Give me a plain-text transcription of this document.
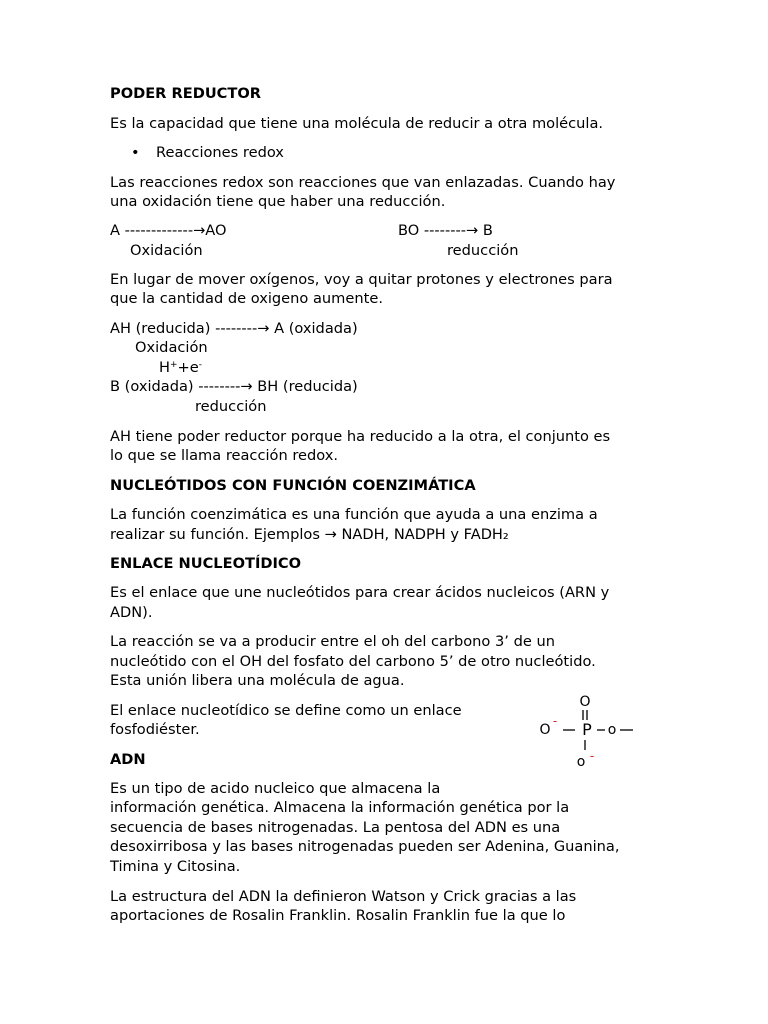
PODER REDUCTOR

Es la capacidad que tiene una molécula de reducir a otra molécula.

• Reacciones redox

Las reacciones redox son reacciones que van enlazadas. Cuando hay

una oxidación tiene que haber una reducción.

A -------------→AO	BO --------→ B

Oxidación	reducción

En lugar de mover oxígenos, voy a quitar protones y electrones para

que la cantidad de oxigeno aumente.

AH (reducida) --------→ A (oxidada)

Oxidación

H++e-

B (oxidada) --------→ BH (reducida)

reducción

AH tiene poder reductor porque ha reducido a la otra, el conjunto es

lo que se llama reacción redox.

NUCLEÓTIDOS CON FUNCIÓN COENZIMÁTICA

La función coenzimática es una función que ayuda a una enzima a

realizar su función. Ejemplos → NADH, NADPH y FADH₂

ENLACE NUCLEOTÍDICO

Es el enlace que une nucleótidos para crear ácidos nucleicos (ARN y

ADN).

La reacción se va a producir entre el oh del carbono 3’ de un

nucleótido con el OH del fosfato del carbono 5’ de otro nucleótido.

Esta unión libera una molécula de agua.

El enlace nucleotídico se define como un enlace

fosfodiéster.

O
O
- P o
o -

ADN

Es un tipo de acido nucleico que almacena la

información genética. Almacena la información genética por la

secuencia de bases nitrogenadas. La pentosa del ADN es una

desoxirribosa y las bases nitrogenadas pueden ser Adenina, Guanina,

Timina y Citosina.

La estructura del ADN la definieron Watson y Crick gracias a las

aportaciones de Rosalin Franklin. Rosalin Franklin fue la que lo
